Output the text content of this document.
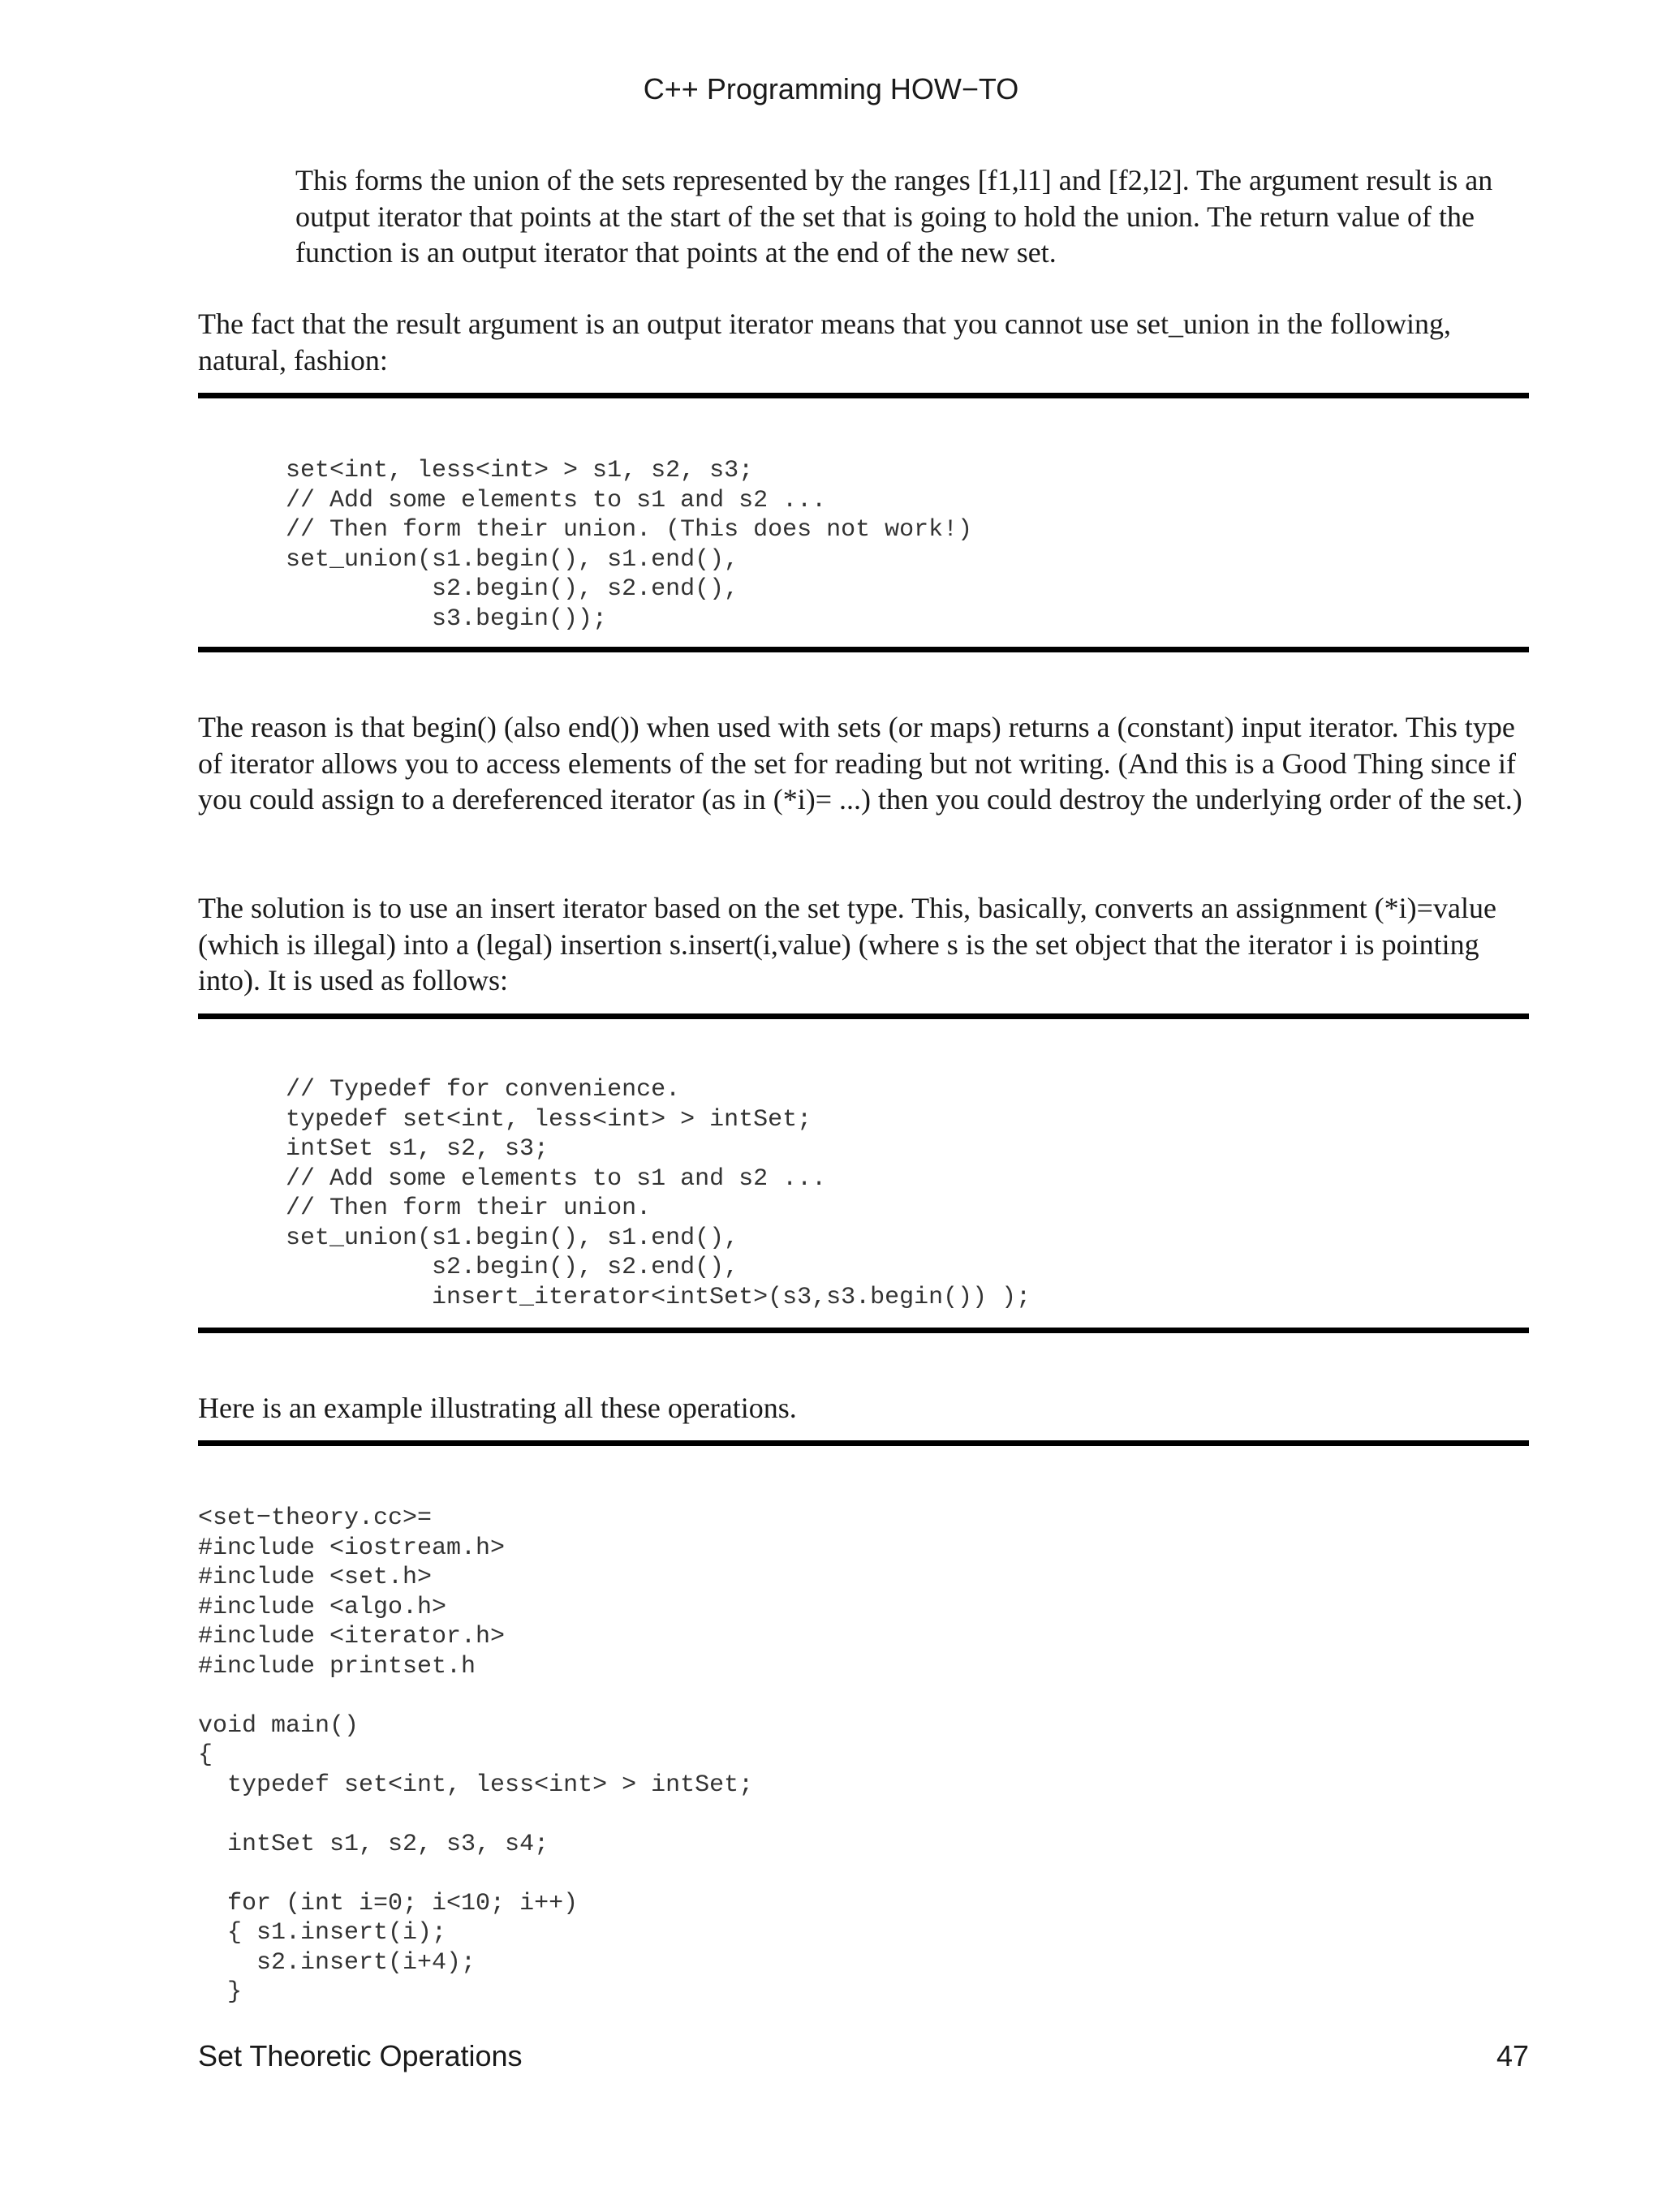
C++ Programming HOW−TO

This forms the union of the sets represented by the ranges [f1,l1] and [f2,l2]. The argument result is an output iterator that points at the start of the set that is going to hold the union. The return value of the function is an output iterator that points at the end of the new set.

The fact that the result argument is an output iterator means that you cannot use set_union in the following, natural, fashion:

set<int, less<int> > s1, s2, s3;
// Add some elements to s1 and s2 ...
// Then form their union. (This does not work!)
set_union(s1.begin(), s1.end(),
s2.begin(), s2.end(),
s3.begin());

The reason is that begin() (also end()) when used with sets (or maps) returns a (constant) input iterator. This type of iterator allows you to access elements of the set for reading but not writing. (And this is a Good Thing since if you could assign to a dereferenced iterator (as in (*i)= ...) then you could destroy the underlying order of the set.)

The solution is to use an insert iterator based on the set type. This, basically, converts an assignment (*i)=value (which is illegal) into a (legal) insertion s.insert(i,value) (where s is the set object that the iterator i is pointing into). It is used as follows:

// Typedef for convenience.
typedef set<int, less<int> > intSet;
intSet s1, s2, s3;
// Add some elements to s1 and s2 ...
// Then form their union.
set_union(s1.begin(), s1.end(),
s2.begin(), s2.end(),
insert_iterator<intSet>(s3,s3.begin()) );

Here is an example illustrating all these operations.

<set−theory.cc>=
#include <iostream.h>
#include <set.h>
#include <algo.h>
#include <iterator.h>
#include printset.h
void main()
{
typedef set<int, less<int> > intSet;
intSet s1, s2, s3, s4;
for (int i=0; i<10; i++)
{ s1.insert(i);
s2.insert(i+4);
}
Set Theoretic Operations	47
